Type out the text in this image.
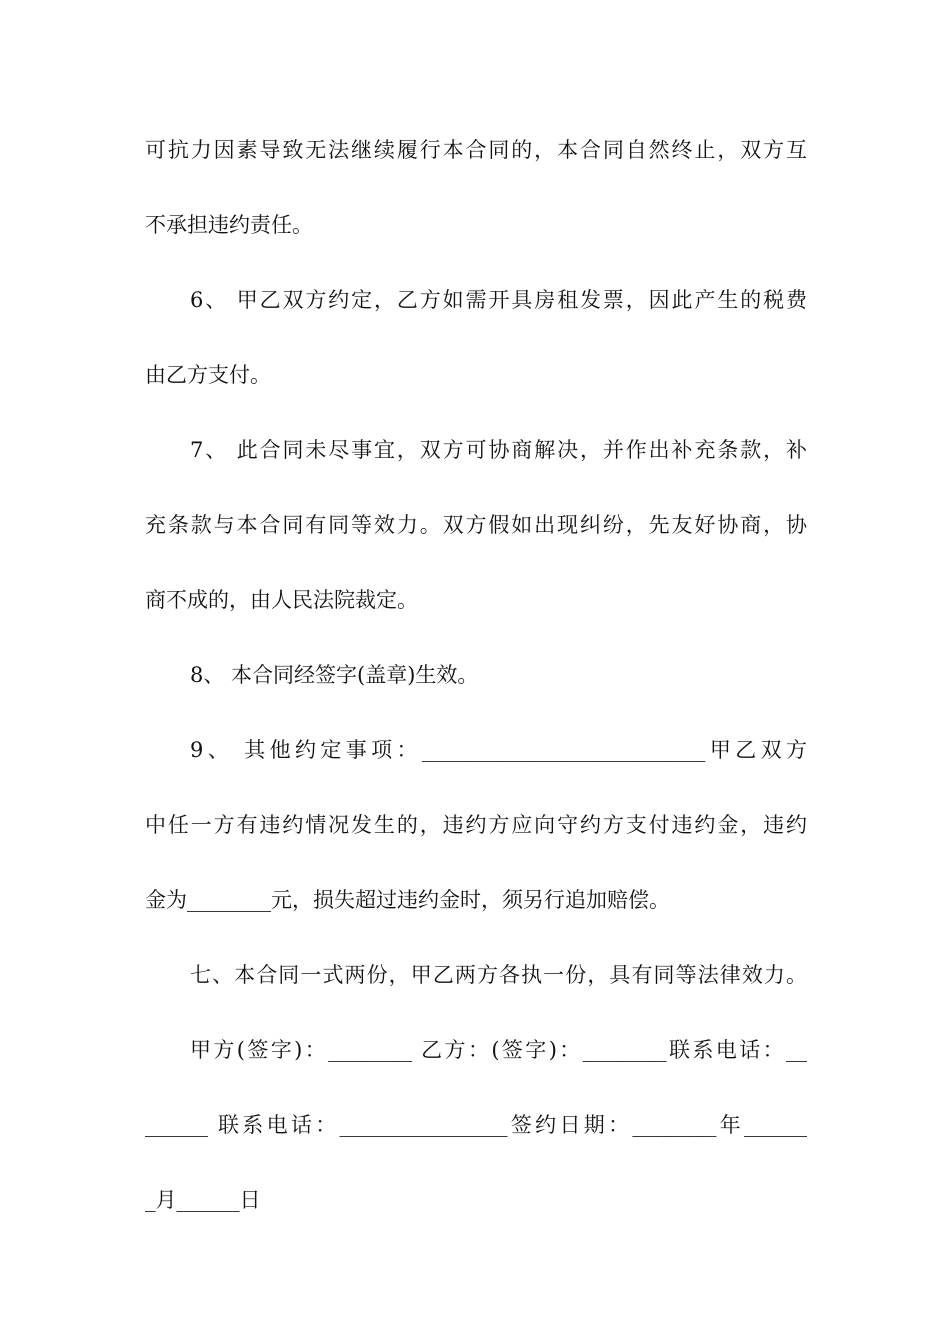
可抗力因素导致无法继续履行本合同的，本合同自然终止，双方互
不承担违约责任。
6、 甲乙双方约定，乙方如需开具房租发票，因此产生的税费
由乙方支付。
7、 此合同未尽事宜，双方可协商解决，并作出补充条款，补
充条款与本合同有同等效力。双方假如出现纠纷，先友好协商，协
商不成的，由人民法院裁定。
8、 本合同经签字(盖章)生效。
9、 其他约定事项：___________________________甲乙双方
中任一方有违约情况发生的，违约方应向守约方支付违约金，违约
金为________元，损失超过违约金时，须另行追加赔偿。
七、本合同一式两份，甲乙两方各执一份，具有同等法律效力。
甲方(签字)：________ 乙方：(签字)：________联系电话：__
______ 联系电话：________________签约日期：________年______
_月______日
